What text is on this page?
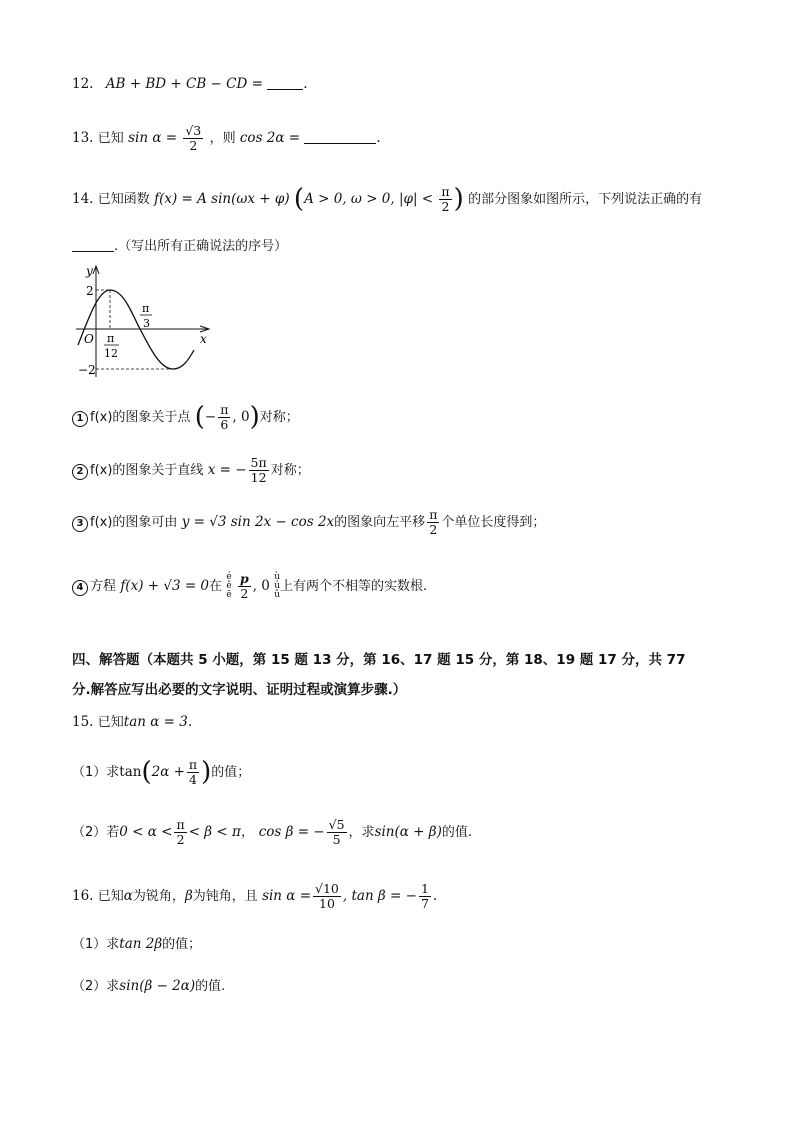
12. AB + BD + CB − CD =	.
13. 已知 $\sin \alpha = \frac{√3}{2}$ ，则 cos 2α =	.
14. 已知函数 f(x) = A sin(ωx + φ) (A > 0, ω > 0, $|\varphi| < \frac{\pi}{2}$ ) 的部分图象如图所示，下列说法正确的有
.（写出所有正确说法的序号）
y
x
O
2
−2
π
12
π
3
1 f(x)的图象关于点 (− $\frac{\pi}{6}$ , 0)对称；
2 f(x)的图象关于直线 x = − $\frac{5\pi}{12}$ 对称；
3 f(x)的图象可由 y = √3 sin 2x − cos 2x的图象向左平移 $\frac{\pi}{2}$ 个单位长度得到；
4 方程 f(x) + √3 = 0在
é
ê
ë
$\frac{p}{2}$ , 0
ù
ú
û
上有两个不相等的实数根.
四、解答题（本题共 5 小题，第 15 题 13 分，第 16、17 题 15 分，第 18、19 题 17 分，共 77
分.解答应写出必要的文字说明、证明过程或演算步骤.）
15. 已知tan α = 3.
（1）求$\tan(2\alpha + \frac{\pi}{4}$ )的值；
（2）若$0 < \alpha < \frac{\pi}{2} < \beta < \pi$， cos β = − $\frac{√5}{5}$ ，求sin(α + β)的值.
16. 已知α为锐角，β为钝角，且 $\sin \alpha = \frac{√10}{10}$ , tan β = − $\frac{1}{7}$ .
（1）求tan 2β的值；
（2）求sin(β − 2α)的值.
